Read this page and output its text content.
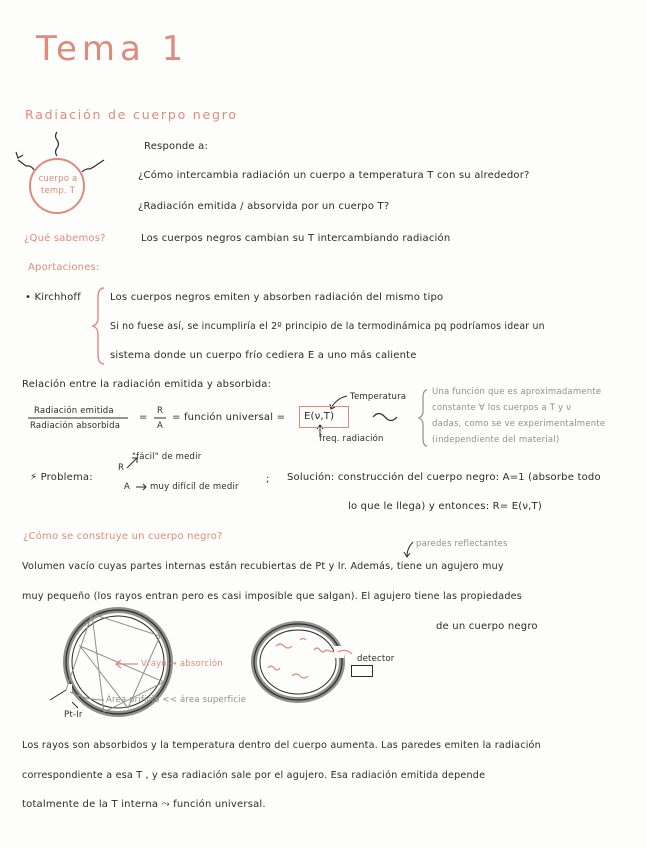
Tema 1
Radiación de cuerpo negro
cuerpo a temp. T
Responde a:
¿Cómo intercambia radiación un cuerpo a temperatura T con su alrededor?
¿Radiación emitida / absorvida por un cuerpo T?
¿Qué sabemos?	Los cuerpos negros cambian su T intercambiando radiación
Aportaciones:
• Kirchhoff	Los cuerpos negros emiten y absorben radiación del mismo tipo
Si no fuese así, se incumpliría el 2º principio de la termodinámica pq podríamos idear un
sistema donde un cuerpo frío cediera E a uno más caliente
Relación entre la radiación emitida y absorbida:
Radiación emitida
Radiación absorbida
=
R
A
= función universal = E(ν,T)
Temperatura
freq. radiación
Una función que es aproximadamente
constante ∀ los cuerpos a T y ν
dadas, como se ve experimentalmente
(independiente del material)
⚡ Problema:
R
"fácil" de medir
A muy difícil de medir
; Solución: construcción del cuerpo negro: A=1 (absorbe todo
lo que le llega) y entonces: R= E(ν,T)
¿Cómo se construye un cuerpo negro?
paredes reflectantes
Volumen vacío cuyas partes internas están recubiertas de Pt y Ir. Además, tiene un agujero muy
muy pequeño (los rayos entran pero es casi imposible que salgan). El agujero tiene las propiedades
de un cuerpo negro
Vrayo → absorción
Área orificio << área superficie
Pt-Ir
detector
Los rayos son absorbidos y la temperatura dentro del cuerpo aumenta. Las paredes emiten la radiación
correspondiente a esa T , y esa radiación sale por el agujero. Esa radiación emitida depende
totalmente de la T interna ⤳ función universal.
